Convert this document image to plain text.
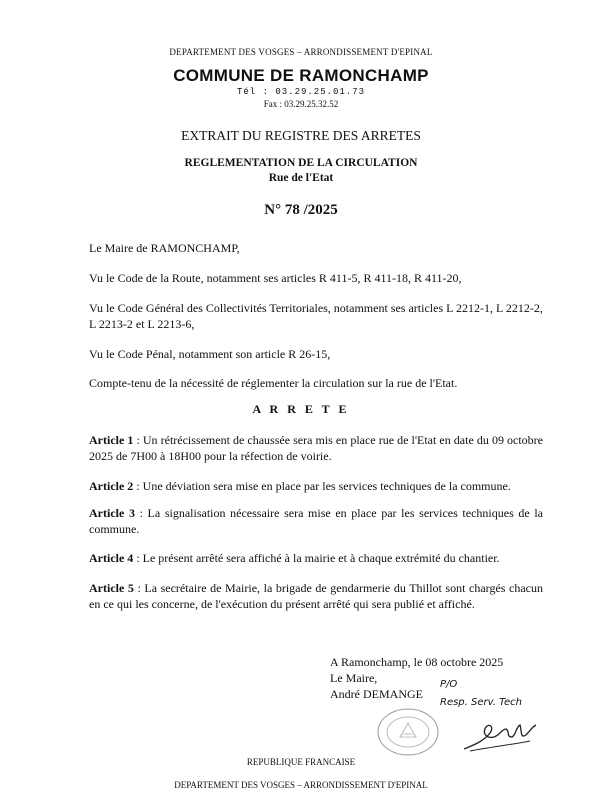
DEPARTEMENT DES VOSGES – ARRONDISSEMENT D'EPINAL
COMMUNE DE RAMONCHAMP
Tél : 03.29.25.01.73
Fax : 03.29.25.32.52
EXTRAIT DU REGISTRE DES ARRETES
REGLEMENTATION DE LA CIRCULATION
Rue de l'Etat
N° 78 /2025
Le Maire de RAMONCHAMP,
Vu le Code de la Route, notamment ses articles R 411-5, R 411-18, R 411-20,
Vu le Code Général des Collectivités Territoriales, notamment ses articles L 2212-1, L 2212-2, L 2213-2 et L 2213-6,
Vu le Code Pénal, notamment son article R 26-15,
Compte-tenu de la nécessité de réglementer la circulation sur la rue de l'Etat.
A R R E T E
Article 1 : Un rétrécissement de chaussée sera mis en place rue de l'Etat en date du 09 octobre 2025 de 7H00 à 18H00 pour la réfection de voirie.
Article 2 : Une déviation sera mise en place par les services techniques de la commune.
Article 3 : La signalisation nécessaire sera mise en place par les services techniques de la commune.
Article 4 : Le présent arrêté sera affiché à la mairie et à chaque extrémité du chantier.
Article 5 : La secrétaire de Mairie, la brigade de gendarmerie du Thillot sont chargés chacun en ce qui les concerne, de l'exécution du présent arrêté qui sera publié et affiché.
A Ramonchamp, le 08 octobre 2025
Le Maire,
André DEMANGE
P/O
Resp. Serv. Tech
REPUBLIQUE FRANCAISE
DEPARTEMENT DES VOSGES – ARRONDISSEMENT D'EPINAL
